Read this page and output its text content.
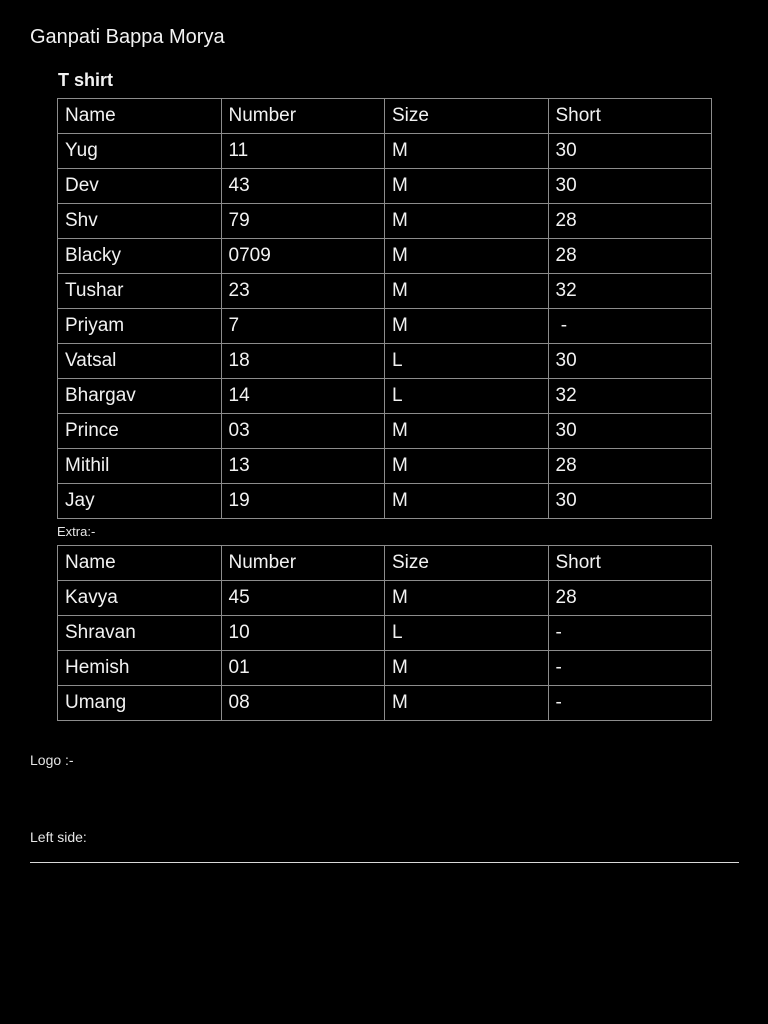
Ganpati Bappa Morya
T shirt
Name	Number	Size	Short
Yug	11	M	30
Dev	43	M	30
Shv	79	M	28
Blacky	0709	M	28
Tushar	23	M	32
Priyam	7	M	-
Vatsal	18	L	30
Bhargav	14	L	32
Prince	03	M	30
Mithil	13	M	28
Jay	19	M	30
Extra:-
Name	Number	Size	Short
Kavya	45	M	28
Shravan	10	L	-
Hemish	01	M	-
Umang	08	M	-
Logo :-
Left side:
